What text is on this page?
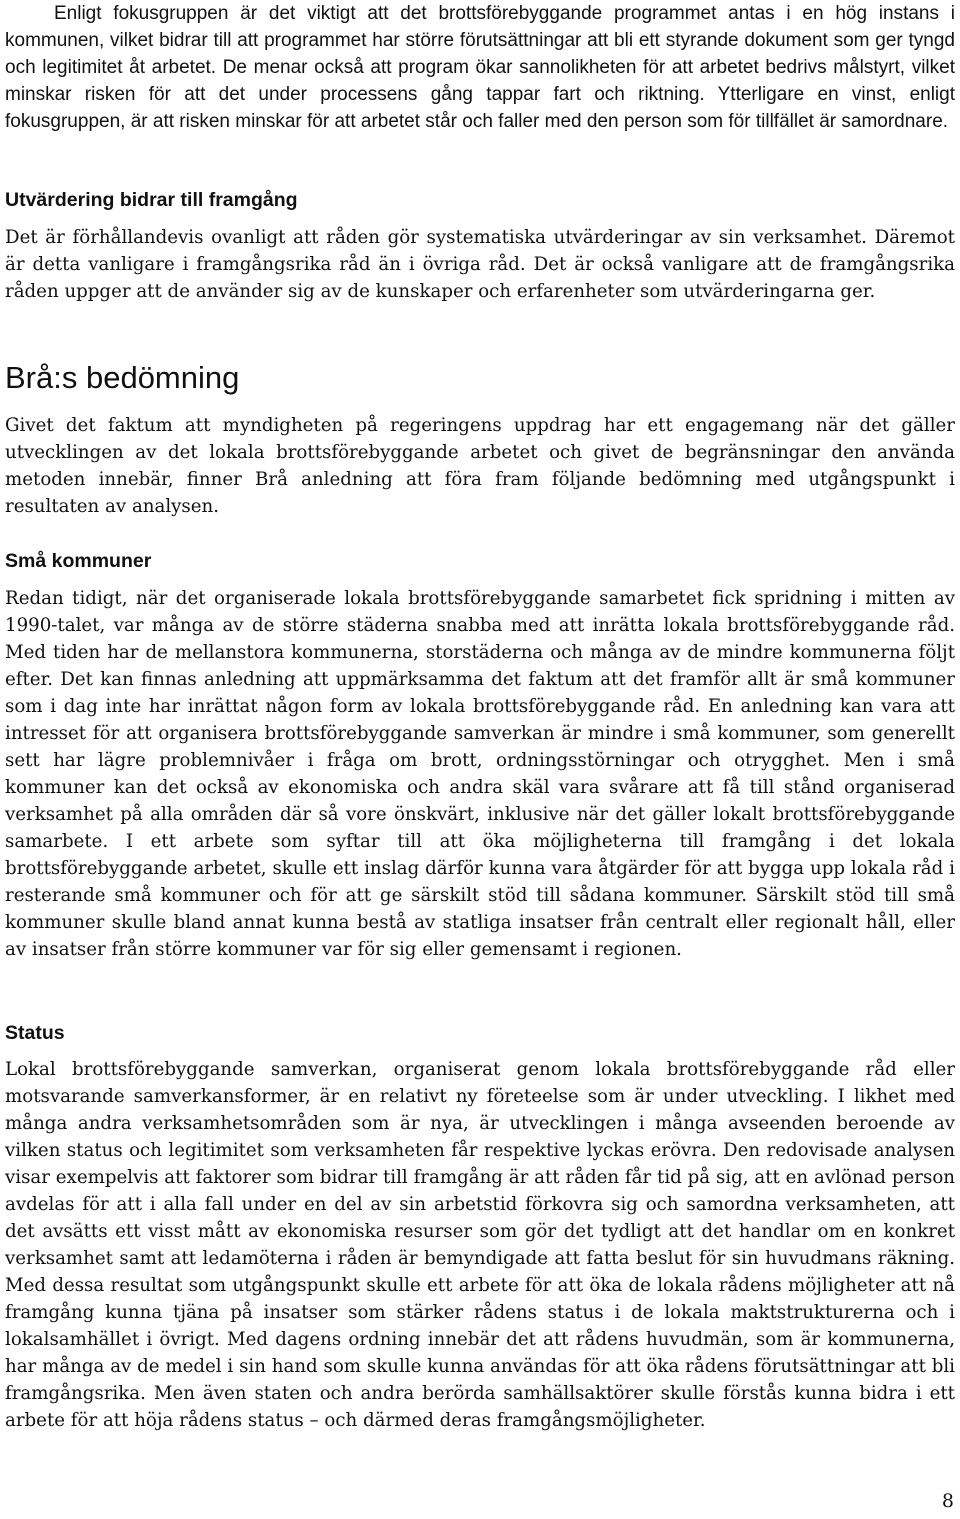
Enligt fokusgruppen är det viktigt att det brottsförebyggande programmet antas i en hög instans i kommunen, vilket bidrar till att programmet har större förutsättningar att bli ett styrande dokument som ger tyngd och legitimitet åt arbetet. De menar också att program ökar sannolikheten för att arbetet bedrivs målstyrt, vilket minskar risken för att det under processens gång tappar fart och riktning. Ytterligare en vinst, enligt fokusgruppen, är att risken minskar för att arbetet står och faller med den person som för tillfället är samordnare.

Utvärdering bidrar till framgång

Det är förhållandevis ovanligt att råden gör systematiska utvärderingar av sin verksamhet. Däremot är detta vanligare i framgångsrika råd än i övriga råd. Det är också vanligare att de framgångsrika råden uppger att de använder sig av de kunskaper och erfarenheter som utvärderingarna ger.

Brå:s bedömning

Givet det faktum att myndigheten på regeringens uppdrag har ett engagemang när det gäller utvecklingen av det lokala brottsförebyggande arbetet och givet de begränsningar den använda metoden innebär, finner Brå anledning att föra fram följande bedömning med utgångspunkt i resultaten av analysen.

Små kommuner

Redan tidigt, när det organiserade lokala brottsförebyggande samarbetet fick spridning i mitten av 1990-talet, var många av de större städerna snabba med att inrätta lokala brottsförebyggande råd. Med tiden har de mellanstora kommunerna, storstäderna och många av de mindre kommunerna följt efter. Det kan finnas anledning att uppmärksamma det faktum att det framför allt är små kommuner som i dag inte har inrättat någon form av lokala brottsförebyggande råd. En anledning kan vara att intresset för att organisera brottsförebyggande samverkan är mindre i små kommuner, som generellt sett har lägre problemnivåer i fråga om brott, ordningsstörningar och otrygghet. Men i små kommuner kan det också av ekonomiska och andra skäl vara svårare att få till stånd organiserad verksamhet på alla områden där så vore önskvärt, inklusive när det gäller lokalt brottsförebyggande samarbete. I ett arbete som syftar till att öka möjligheterna till framgång i det lokala brottsförebyggande arbetet, skulle ett inslag därför kunna vara åtgärder för att bygga upp lokala råd i resterande små kommuner och för att ge särskilt stöd till sådana kommuner. Särskilt stöd till små kommuner skulle bland annat kunna bestå av statliga insatser från centralt eller regionalt håll, eller av insatser från större kommuner var för sig eller gemensamt i regionen.

Status

Lokal brottsförebyggande samverkan, organiserat genom lokala brottsförebyggande råd eller motsvarande samverkansformer, är en relativt ny företeelse som är under utveckling. I likhet med många andra verksamhetsområden som är nya, är utvecklingen i många avseenden beroende av vilken status och legitimitet som verksamheten får respektive lyckas erövra. Den redovisade analysen visar exempelvis att faktorer som bidrar till framgång är att råden får tid på sig, att en avlönad person avdelas för att i alla fall under en del av sin arbetstid förkovra sig och samordna verksamheten, att det avsätts ett visst mått av ekonomiska resurser som gör det tydligt att det handlar om en konkret verksamhet samt att ledamöterna i råden är bemyndigade att fatta beslut för sin huvudmans räkning. Med dessa resultat som utgångspunkt skulle ett arbete för att öka de lokala rådens möjligheter att nå framgång kunna tjäna på insatser som stärker rådens status i de lokala maktstrukturerna och i lokalsamhället i övrigt. Med dagens ordning innebär det att rådens huvudmän, som är kommunerna, har många av de medel i sin hand som skulle kunna användas för att öka rådens förutsättningar att bli framgångsrika. Men även staten och andra berörda samhällsaktörer skulle förstås kunna bidra i ett arbete för att höja rådens status – och därmed deras framgångsmöjligheter.

8
